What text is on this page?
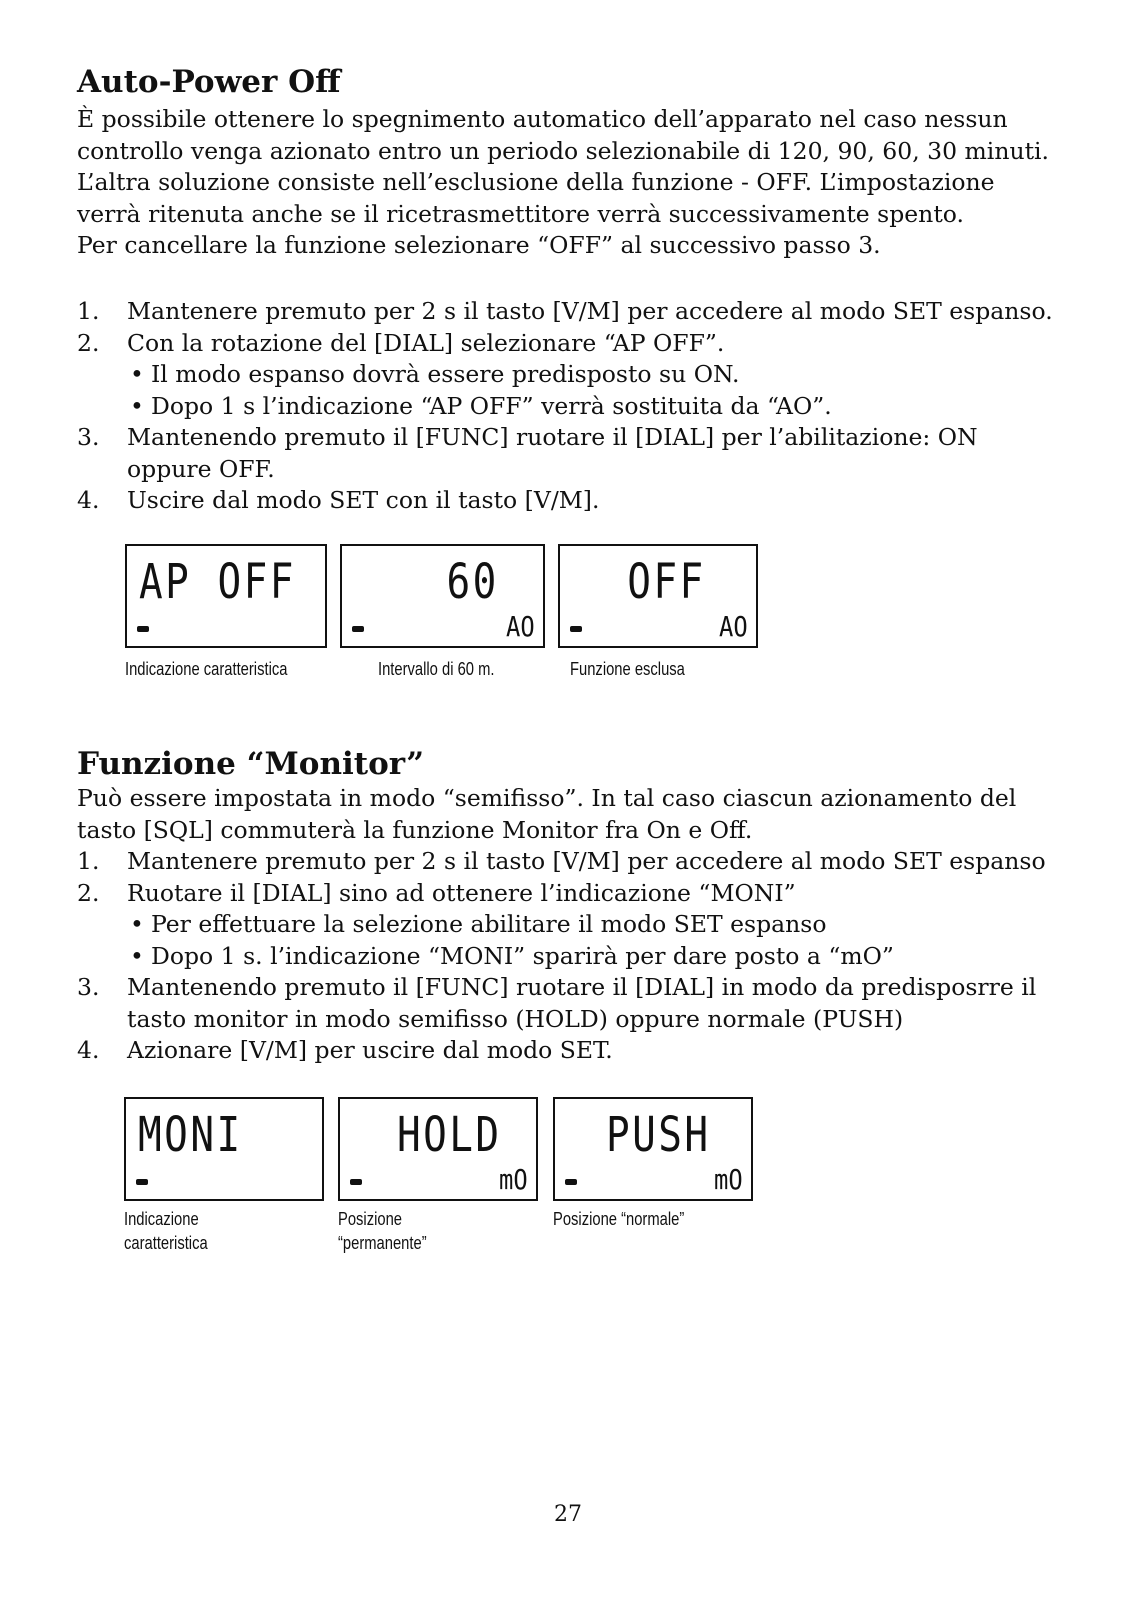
Auto-Power Off
È possibile ottenere lo spegnimento automatico dell’apparato nel caso nessun
controllo venga azionato entro un periodo selezionabile di 120, 90, 60, 30 minuti.
L’altra soluzione consiste nell’esclusione della funzione - OFF. L’impostazione
verrà ritenuta anche se il ricetrasmettitore verrà successivamente spento.
Per cancellare la funzione selezionare “OFF” al successivo passo 3.
1. Mantenere premuto per 2 s il tasto [V/M] per accedere al modo SET espanso.
2. Con la rotazione del [DIAL] selezionare “AP OFF”.
• Il modo espanso dovrà essere predisposto su ON.
• Dopo 1 s l’indicazione “AP OFF” verrà sostituita da “AO”.
3. Mantenendo premuto il [FUNC] ruotare il [DIAL] per l’abilitazione: ON oppure OFF.
4. Uscire dal modo SET con il tasto [V/M].
AP OFF	60
AO
OFF
AO
Indicazione caratteristica	Intervallo di 60 m.	Funzione esclusa
Funzione “Monitor”
Può essere impostata in modo “semifisso”. In tal caso ciascun azionamento del
tasto [SQL] commuterà la funzione Monitor fra On e Off.
1. Mantenere premuto per 2 s il tasto [V/M] per accedere al modo SET espanso
2. Ruotare il [DIAL] sino ad ottenere l’indicazione “MONI”
• Per effettuare la selezione abilitare il modo SET espanso
• Dopo 1 s. l’indicazione “MONI” sparirà per dare posto a “mO”
3. Mantenendo premuto il [FUNC] ruotare il [DIAL] in modo da predisposrre il tasto monitor in modo semifisso (HOLD) oppure normale (PUSH)
4. Azionare [V/M] per uscire dal modo SET.
MONI	HOLD
mO
PUSH
mO
Indicazione
caratteristica
Posizione
“permanente”
Posizione “normale”
27
